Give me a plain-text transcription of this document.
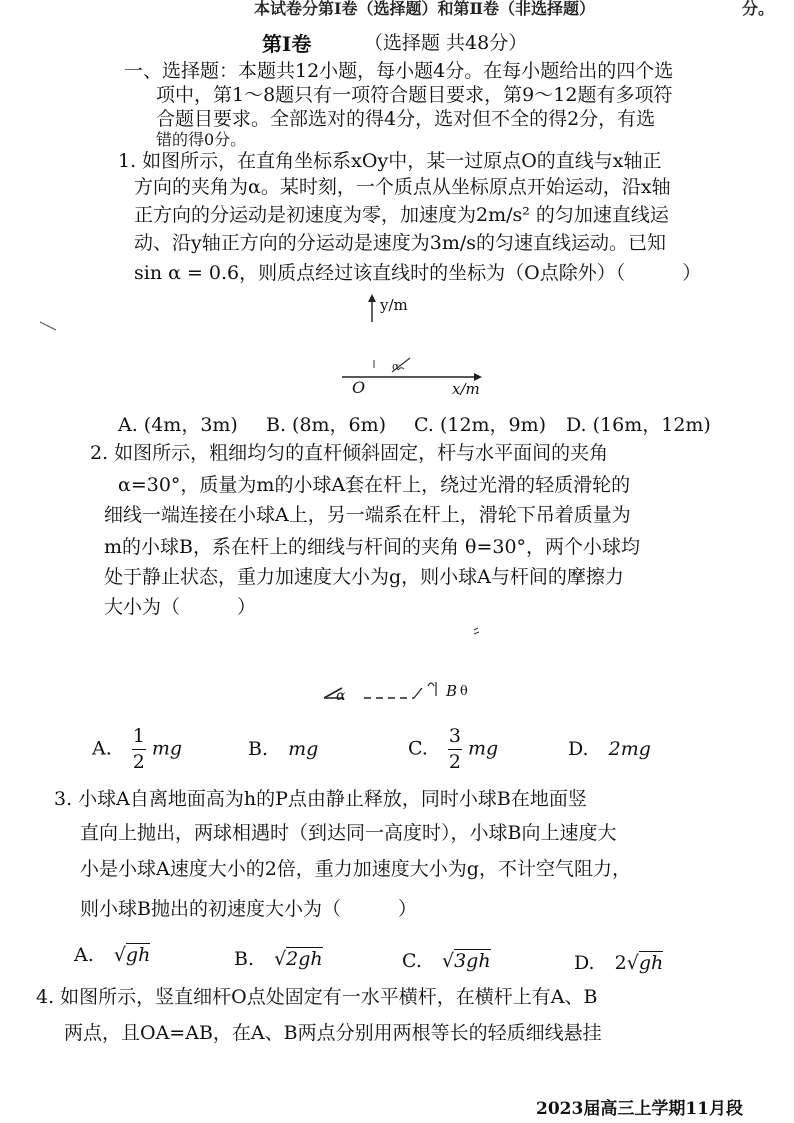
本试卷分第Ⅰ卷（选择题）和第Ⅱ卷（非选择题）	分。
第Ⅰ卷	（选择题 共48分）
一、选择题：本题共12小题，每小题4分。在每小题给出的四个选
项中，第1～8题只有一项符合题目要求，第9～12题有多项符
合题目要求。全部选对的得4分，选对但不全的得2分，有选
错的得0分。
1. 如图所示，在直角坐标系xOy中，某一过原点O的直线与x轴正
方向的夹角为α。某时刻，一个质点从坐标原点开始运动，沿x轴
正方向的分运动是初速度为零，加速度为2m/s² 的匀加速直线运
动、沿y轴正方向的分运动是速度为3m/s的匀速直线运动。已知
sin α = 0.6，则质点经过该直线时的坐标为（O点除外）（　　　）
y/m
O	x/m
α
A. (4m，3m) B. (8m，6m) C. (12m，9m) D. (16m，12m)
2. 如图所示，粗细均匀的直杆倾斜固定，杆与水平面间的夹角
α=30°，质量为m的小球A套在杆上，绕过光滑的轻质滑轮的
细线一端连接在小球A上，另一端系在杆上，滑轮下吊着质量为
m的小球B，系在杆上的细线与杆间的夹角 θ=30°，两个小球均
处于静止状态，重力加速度大小为g，则小球A与杆间的摩擦力
大小为（　　　）
α	B θ
A. $\frac{1}{2}$ mg	B. mg	C. $\frac{3}{2}$ mg	D. 2mg
3. 小球A自离地面高为h的P点由静止释放，同时小球B在地面竖
直向上抛出，两球相遇时（到达同一高度时），小球B向上速度大
小是小球A速度大小的2倍，重力加速度大小为g，不计空气阻力，
则小球B抛出的初速度大小为（　　　）
A. √gh	B. √2gh	C. √3gh	D. 2√gh
4. 如图所示，竖直细杆O点处固定有一水平横杆，在横杆上有A、B
两点，且OA=AB，在A、B两点分别用两根等长的轻质细线悬挂
2023届高三上学期11月段
